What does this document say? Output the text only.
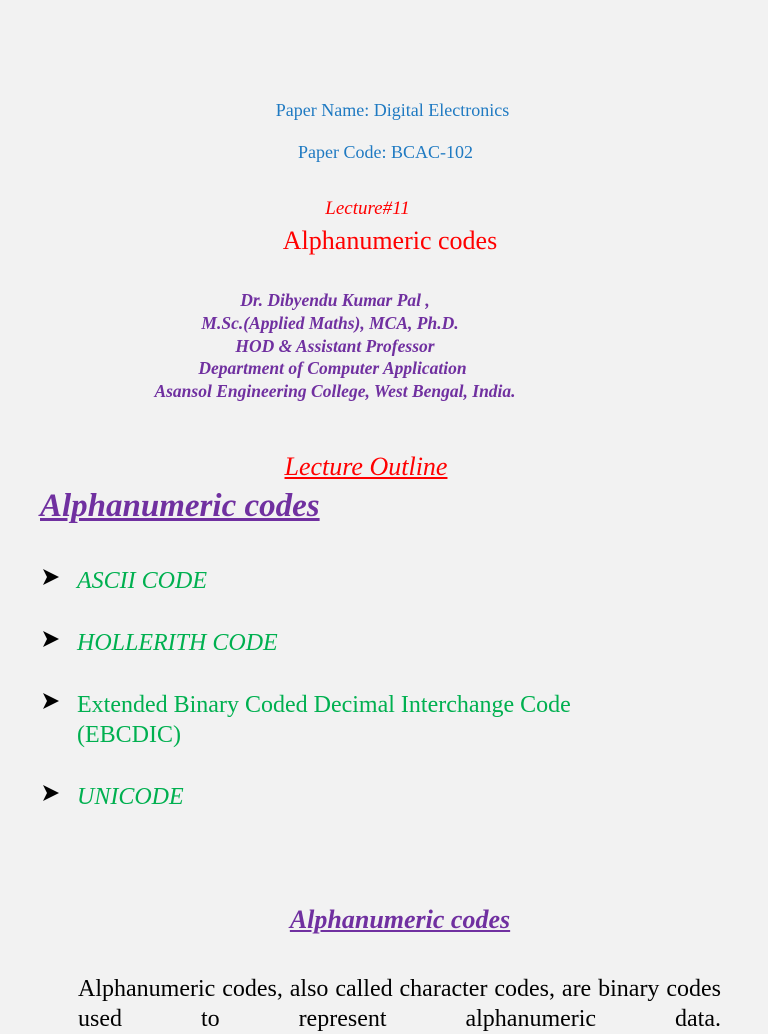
Paper Name: Digital Electronics
Paper Code: BCAC-102
Lecture#11
Alphanumeric codes
Dr. Dibyendu Kumar Pal ,
M.Sc.(Applied Maths), MCA, Ph.D.
HOD & Assistant Professor
Department of Computer Application
Asansol Engineering College, West Bengal, India.
Lecture Outline
Alphanumeric codes
ASCII CODE
HOLLERITH CODE
Extended Binary Coded Decimal Interchange Code
(EBCDIC)
UNICODE
Alphanumeric codes
Alphanumeric codes, also called character codes, are binary codes used to represent alphanumeric data.
